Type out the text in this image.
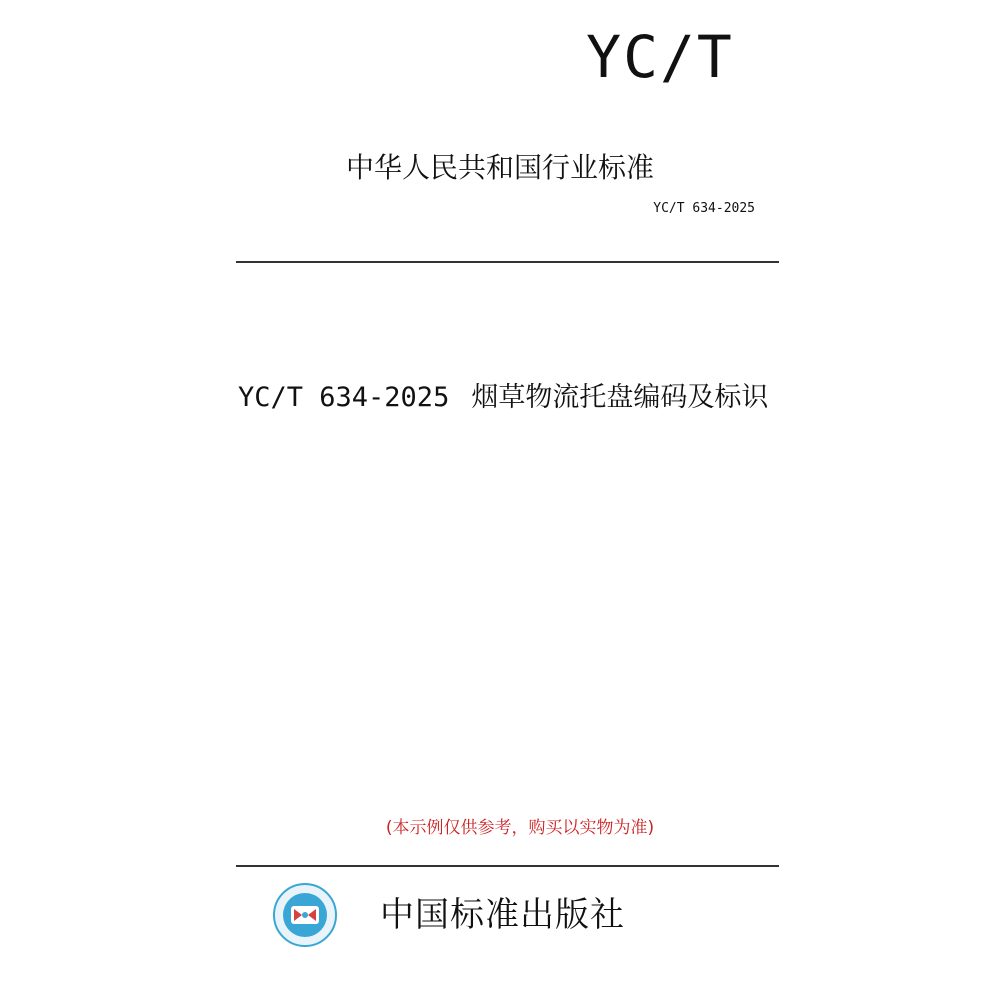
YC/T
中华人民共和国行业标准
YC/T 634-2025
YC/T 634-2025 烟草物流托盘编码及标识
(本示例仅供参考，购买以实物为准)
中国标准出版社
